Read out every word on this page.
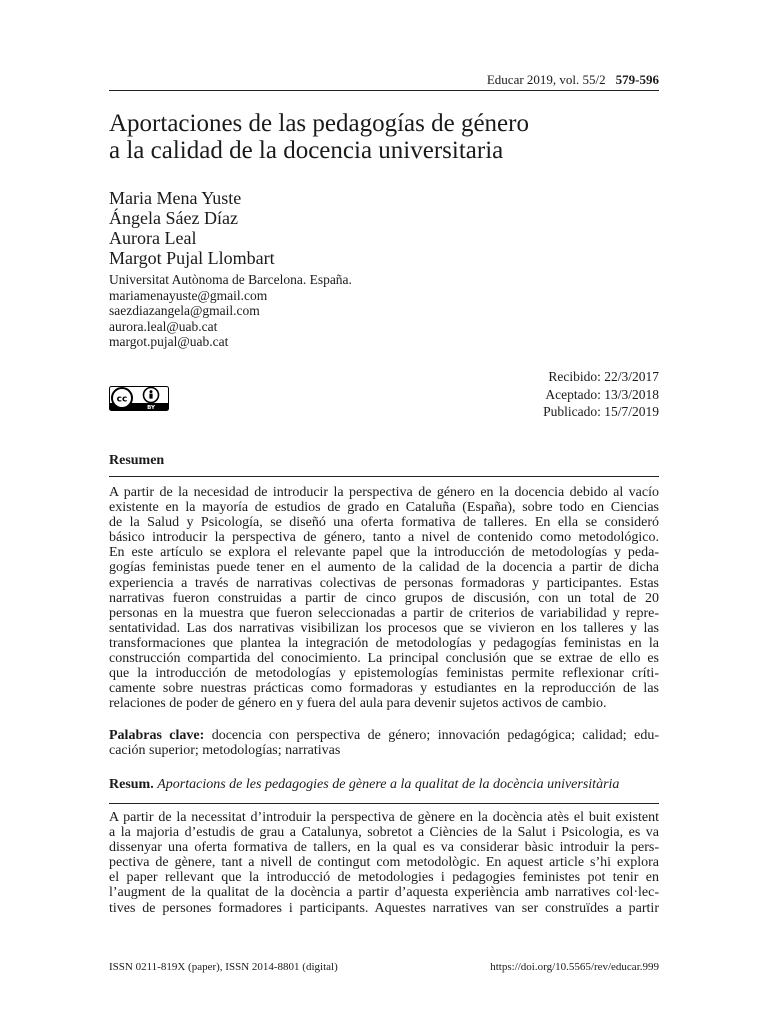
Educar 2019, vol. 55/2 579-596
Aportaciones de las pedagogías de género
a la calidad de la docencia universitaria
Maria Mena Yuste
Ángela Sáez Díaz
Aurora Leal
Margot Pujal Llombart
Universitat Autònoma de Barcelona. España.
mariamenayuste@gmail.com
saezdiazangela@gmail.com
aurora.leal@uab.cat
margot.pujal@uab.cat
cc
BY
Recibido: 22/3/2017
Aceptado: 13/3/2018
Publicado: 15/7/2019
Resumen
A partir de la necesidad de introducir la perspectiva de género en la docencia debido al vacío
existente en la mayoría de estudios de grado en Cataluña (España), sobre todo en Ciencias
de la Salud y Psicología, se diseñó una oferta formativa de talleres. En ella se consideró
básico introducir la perspectiva de género, tanto a nivel de contenido como metodológico.
En este artículo se explora el relevante papel que la introducción de metodologías y peda-
gogías feministas puede tener en el aumento de la calidad de la docencia a partir de dicha
experiencia a través de narrativas colectivas de personas formadoras y participantes. Estas
narrativas fueron construidas a partir de cinco grupos de discusión, con un total de 20
personas en la muestra que fueron seleccionadas a partir de criterios de variabilidad y repre-
sentatividad. Las dos narrativas visibilizan los procesos que se vivieron en los talleres y las
transformaciones que plantea la integración de metodologías y pedagogías feministas en la
construcción compartida del conocimiento. La principal conclusión que se extrae de ello es
que la introducción de metodologías y epistemologías feministas permite reflexionar críti-
camente sobre nuestras prácticas como formadoras y estudiantes en la reproducción de las
relaciones de poder de género en y fuera del aula para devenir sujetos activos de cambio.
Palabras clave: docencia con perspectiva de género; innovación pedagógica; calidad; edu-
cación superior; metodologías; narrativas
Resum. Aportacions de les pedagogies de gènere a la qualitat de la docència universitària
A partir de la necessitat d’introduir la perspectiva de gènere en la docència atès el buit existent
a la majoria d’estudis de grau a Catalunya, sobretot a Ciències de la Salut i Psicologia, es va
dissenyar una oferta formativa de tallers, en la qual es va considerar bàsic introduir la pers-
pectiva de gènere, tant a nivell de contingut com metodològic. En aquest article s’hi explora
el paper rellevant que la introducció de metodologies i pedagogies feministes pot tenir en
l’augment de la qualitat de la docència a partir d’aquesta experiència amb narratives col·lec-
tives de persones formadores i participants. Aquestes narratives van ser construïdes a partir
ISSN 0211-819X (paper), ISSN 2014-8801 (digital)	https://doi.org/10.5565/rev/educar.999
